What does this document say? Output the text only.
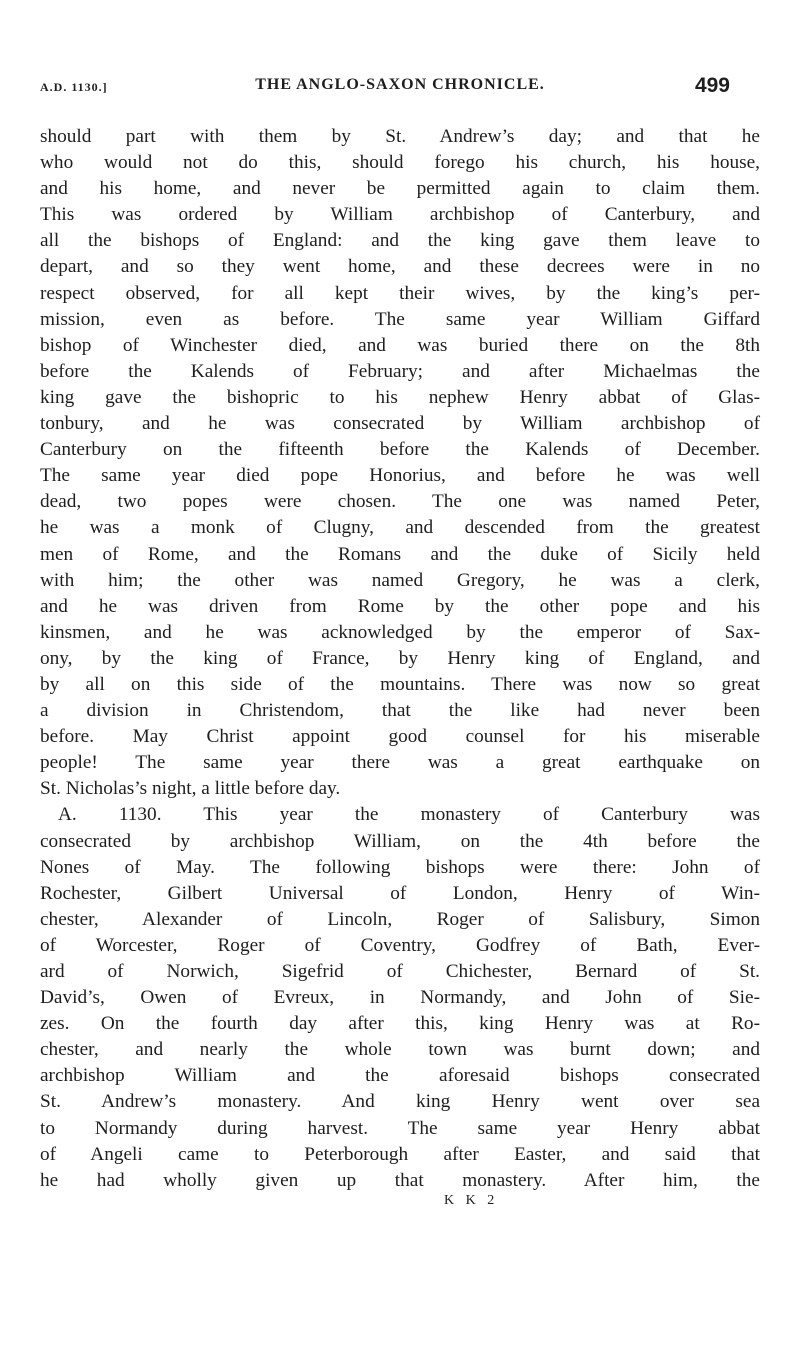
A.D. 1130.]	THE ANGLO-SAXON CHRONICLE.	499
should part with them by St. Andrew’s day; and that he
who would not do this, should forego his church, his house,
and his home, and never be permitted again to claim them.
This was ordered by William archbishop of Canterbury, and
all the bishops of England: and the king gave them leave to
depart, and so they went home, and these decrees were in no
respect observed, for all kept their wives, by the king’s per-
mission, even as before. The same year William Giffard
bishop of Winchester died, and was buried there on the 8th
before the Kalends of February; and after Michaelmas the
king gave the bishopric to his nephew Henry abbat of Glas-
tonbury, and he was consecrated by William archbishop of
Canterbury on the fifteenth before the Kalends of December.
The same year died pope Honorius, and before he was well
dead, two popes were chosen. The one was named Peter,
he was a monk of Clugny, and descended from the greatest
men of Rome, and the Romans and the duke of Sicily held
with him; the other was named Gregory, he was a clerk,
and he was driven from Rome by the other pope and his
kinsmen, and he was acknowledged by the emperor of Sax-
ony, by the king of France, by Henry king of England, and
by all on this side of the mountains. There was now so great
a division in Christendom, that the like had never been
before. May Christ appoint good counsel for his miserable
people! The same year there was a great earthquake on
St. Nicholas’s night, a little before day.
A. 1130. This year the monastery of Canterbury was
consecrated by archbishop William, on the 4th before the
Nones of May. The following bishops were there: John of
Rochester, Gilbert Universal of London, Henry of Win-
chester, Alexander of Lincoln, Roger of Salisbury, Simon
of Worcester, Roger of Coventry, Godfrey of Bath, Ever-
ard of Norwich, Sigefrid of Chichester, Bernard of St.
David’s, Owen of Evreux, in Normandy, and John of Sie-
zes. On the fourth day after this, king Henry was at Ro-
chester, and nearly the whole town was burnt down; and
archbishop William and the aforesaid bishops consecrated
St. Andrew’s monastery. And king Henry went over sea
to Normandy during harvest. The same year Henry abbat
of Angeli came to Peterborough after Easter, and said that
he had wholly given up that monastery. After him, the
K K 2
